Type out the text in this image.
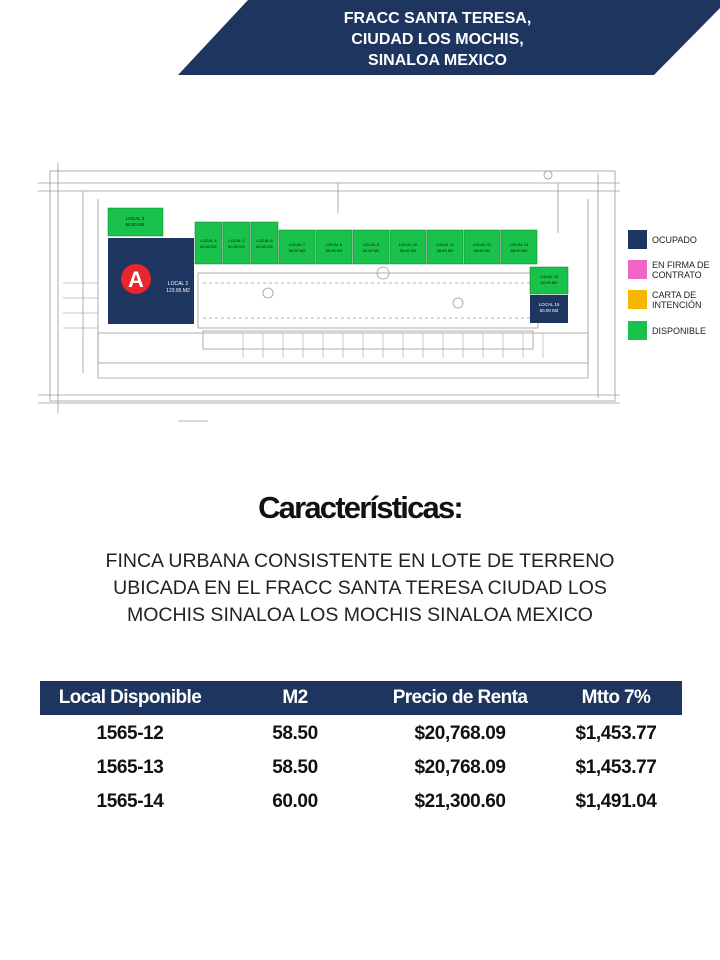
FRACC SANTA TERESA,
CIUDAD LOS MOCHIS,
SINALOA MEXICO
LOCAL 3
60.00 M2
LOCAL 2
123.95 M2
A
LOCAL 4
60.00 M2
LOCAL 5
60.00 M2
LOCAL 6
60.00 M2	LOCAL 7
58.50 M2
LOCAL 8
58.50 M2
LOCAL 9
58.50 M2
LOCAL 10
58.50 M2
LOCAL 11
58.50 M2
LOCAL 12
58.50 M2
LOCAL 13
58.50 M2
LOCAL 14
60.00 M2
LOCAL 15
60.00 M2
OCUPADO
EN FIRMA DE
CONTRATO
CARTA DE
INTENCIÓN
DISPONIBLE
Características:
FINCA URBANA CONSISTENTE EN LOTE DE TERRENO
UBICADA EN EL FRACC SANTA TERESA CIUDAD LOS
MOCHIS SINALOA LOS MOCHIS SINALOA MEXICO
Local Disponible	M2	Precio de Renta	Mtto 7%
1565-12	58.50	$20,768.09	$1,453.77
1565-13	58.50	$20,768.09	$1,453.77
1565-14	60.00	$21,300.60	$1,491.04
